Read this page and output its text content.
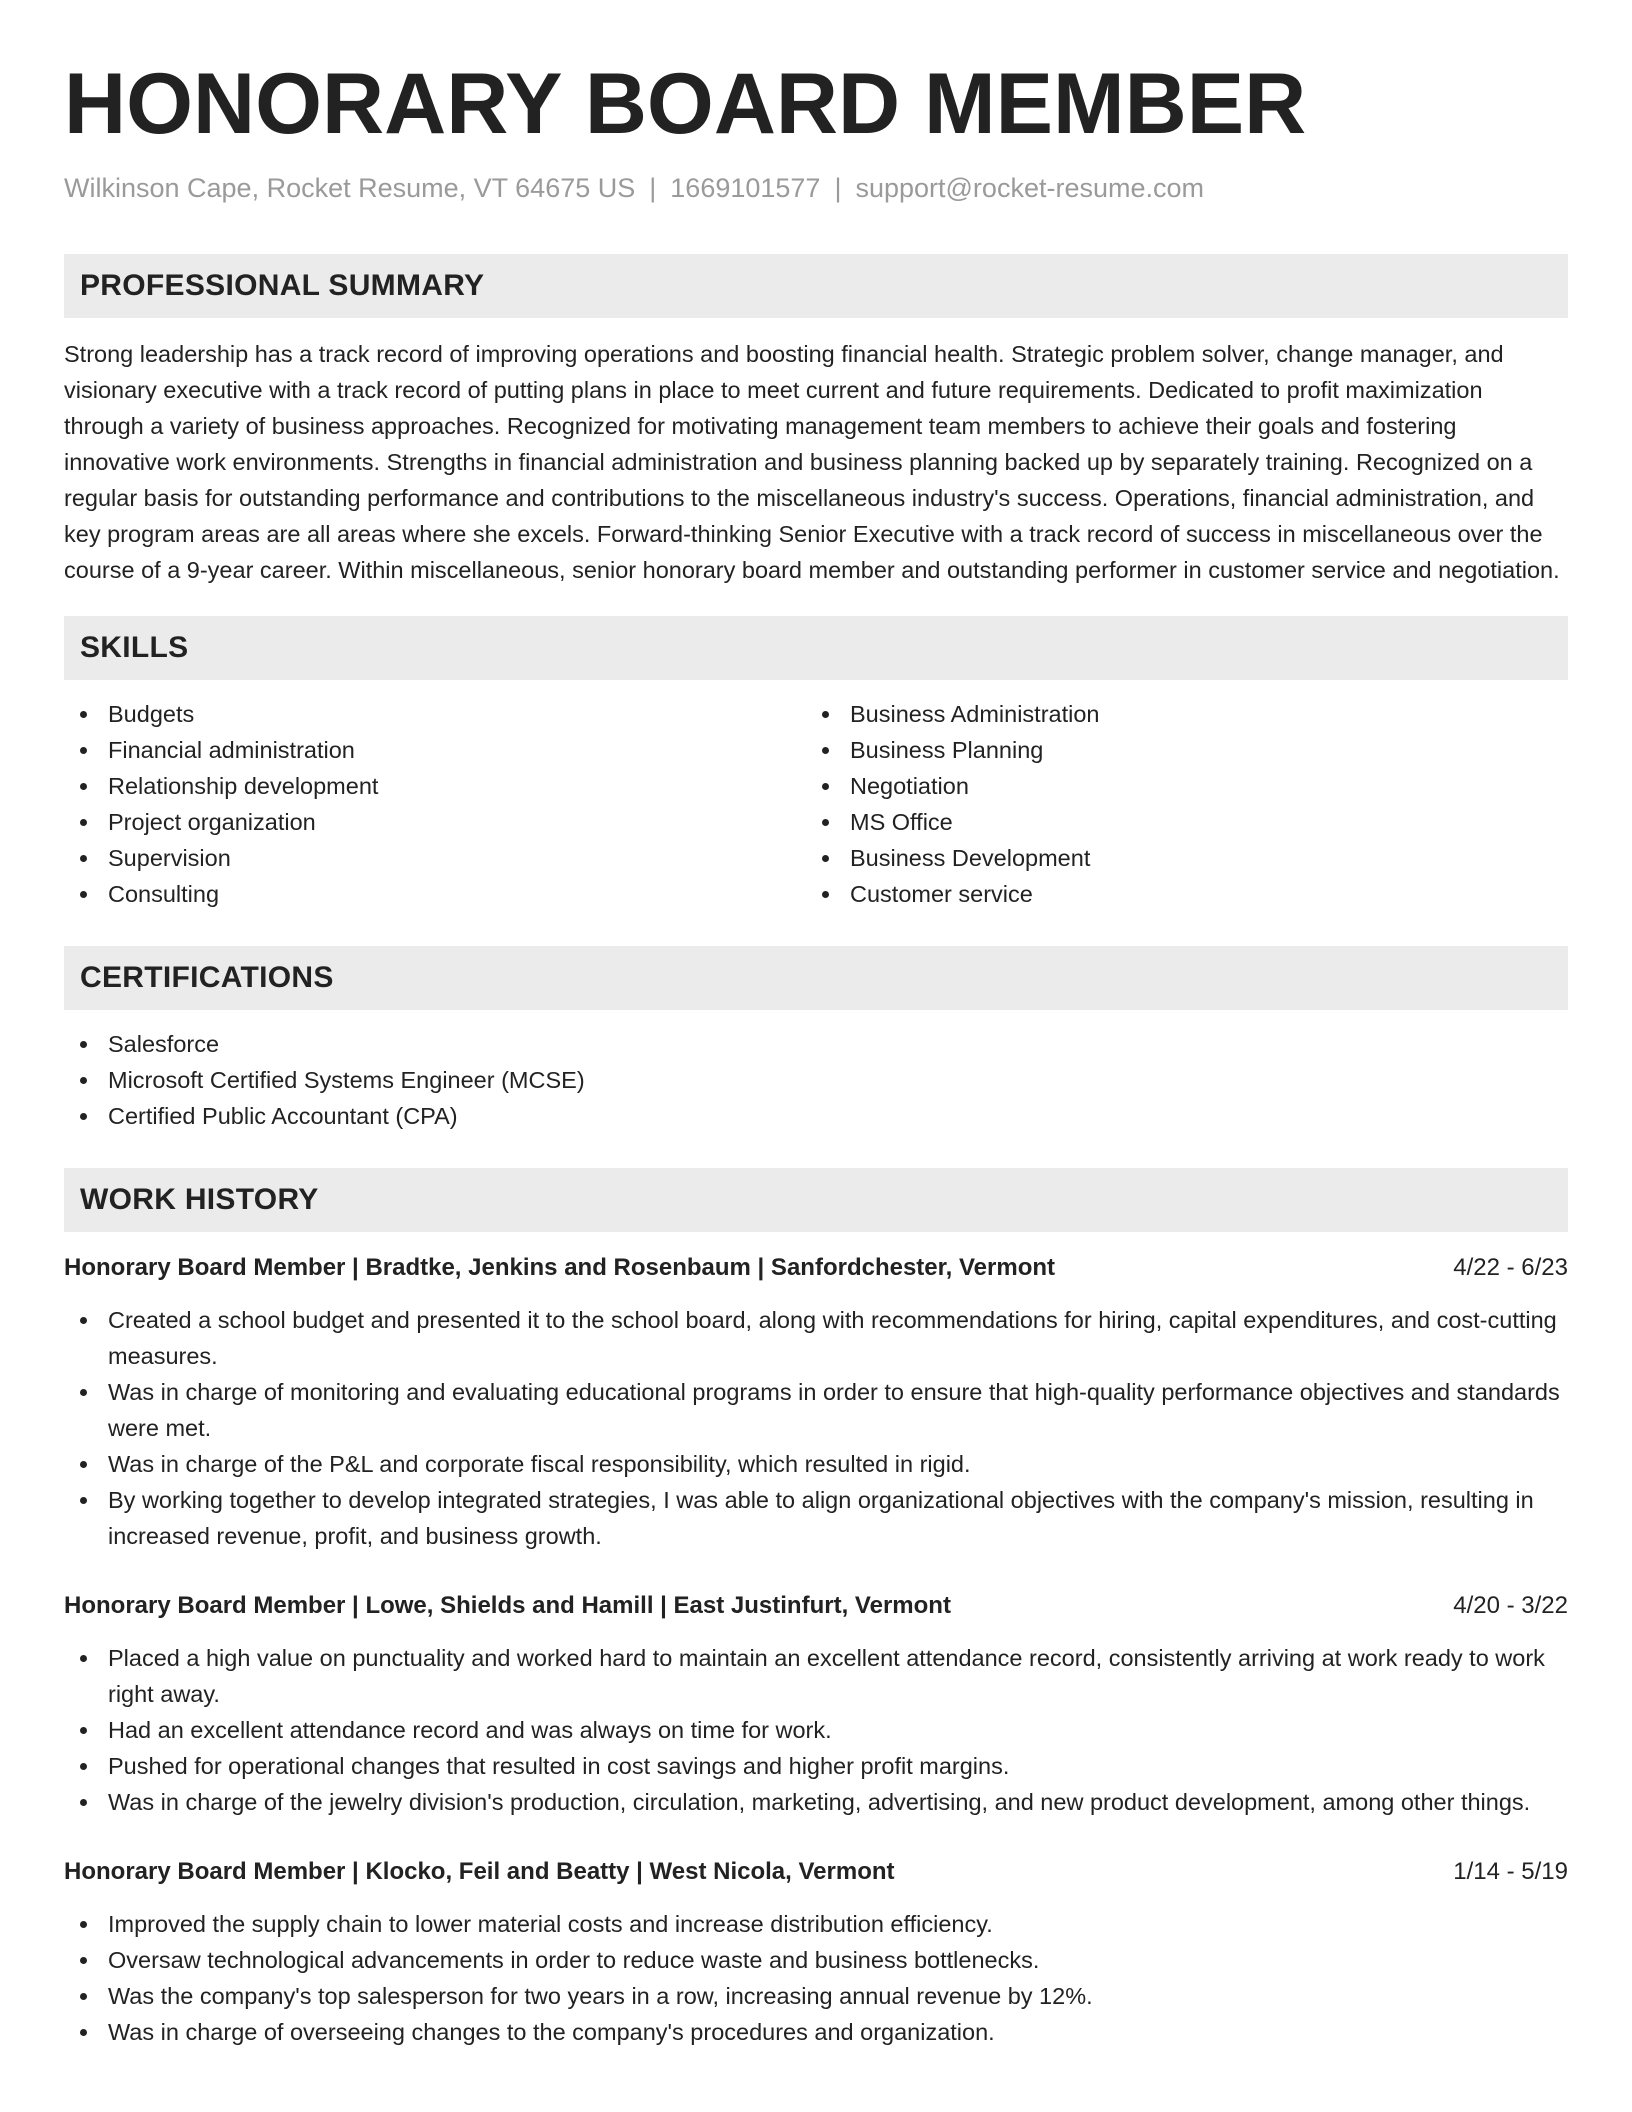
HONORARY BOARD MEMBER
Wilkinson Cape, Rocket Resume, VT 64675 US | 1669101577 | support@rocket-resume.com
PROFESSIONAL SUMMARY
Strong leadership has a track record of improving operations and boosting financial health. Strategic problem solver, change manager, and visionary executive with a track record of putting plans in place to meet current and future requirements. Dedicated to profit maximization through a variety of business approaches. Recognized for motivating management team members to achieve their goals and fostering innovative work environments. Strengths in financial administration and business planning backed up by separately training. Recognized on a regular basis for outstanding performance and contributions to the miscellaneous industry's success. Operations, financial administration, and key program areas are all areas where she excels. Forward-thinking Senior Executive with a track record of success in miscellaneous over the course of a 9-year career. Within miscellaneous, senior honorary board member and outstanding performer in customer service and negotiation.
SKILLS
Budgets
Financial administration
Relationship development
Project organization
Supervision
Consulting
Business Administration
Business Planning
Negotiation
MS Office
Business Development
Customer service
CERTIFICATIONS
Salesforce
Microsoft Certified Systems Engineer (MCSE)
Certified Public Accountant (CPA)
WORK HISTORY
Honorary Board Member | Bradtke, Jenkins and Rosenbaum | Sanfordchester, Vermont	4/22 - 6/23
Created a school budget and presented it to the school board, along with recommendations for hiring, capital expenditures, and cost-cutting measures.
Was in charge of monitoring and evaluating educational programs in order to ensure that high-quality performance objectives and standards were met.
Was in charge of the P&L and corporate fiscal responsibility, which resulted in rigid.
By working together to develop integrated strategies, I was able to align organizational objectives with the company's mission, resulting in increased revenue, profit, and business growth.
Honorary Board Member | Lowe, Shields and Hamill | East Justinfurt, Vermont	4/20 - 3/22
Placed a high value on punctuality and worked hard to maintain an excellent attendance record, consistently arriving at work ready to work right away.
Had an excellent attendance record and was always on time for work.
Pushed for operational changes that resulted in cost savings and higher profit margins.
Was in charge of the jewelry division's production, circulation, marketing, advertising, and new product development, among other things.
Honorary Board Member | Klocko, Feil and Beatty | West Nicola, Vermont	1/14 - 5/19
Improved the supply chain to lower material costs and increase distribution efficiency.
Oversaw technological advancements in order to reduce waste and business bottlenecks.
Was the company's top salesperson for two years in a row, increasing annual revenue by 12%.
Was in charge of overseeing changes to the company's procedures and organization.
